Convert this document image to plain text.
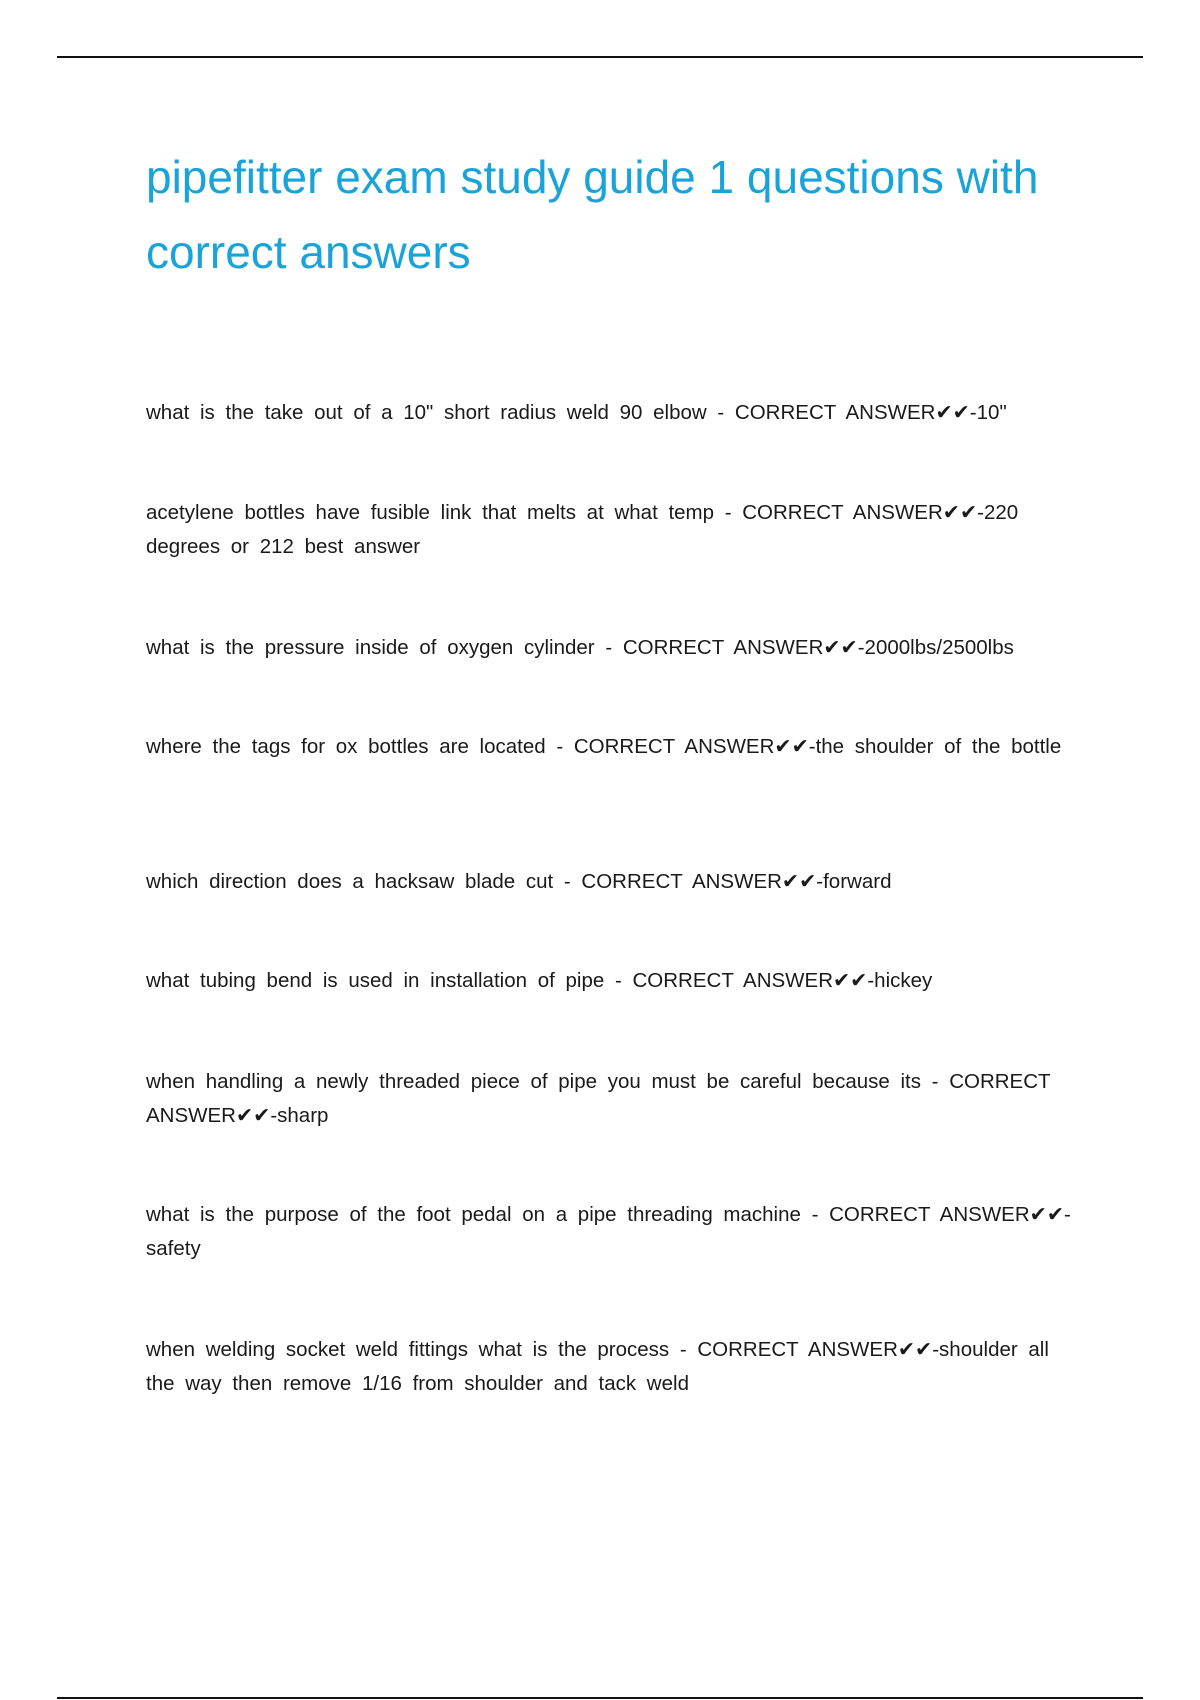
pipefitter exam study guide 1 questions with correct answers

what is the take out of a 10" short radius weld 90 elbow - CORRECT ANSWER✔✔-10"

acetylene bottles have fusible link that melts at what temp - CORRECT ANSWER✔✔-220 degrees or 212 best answer

what is the pressure inside of oxygen cylinder - CORRECT ANSWER✔✔-2000lbs/2500lbs

where the tags for ox bottles are located - CORRECT ANSWER✔✔-the shoulder of the bottle

which direction does a hacksaw blade cut - CORRECT ANSWER✔✔-forward

what tubing bend is used in installation of pipe - CORRECT ANSWER✔✔-hickey

when handling a newly threaded piece of pipe you must be careful because its - CORRECT ANSWER✔✔-sharp

what is the purpose of the foot pedal on a pipe threading machine - CORRECT ANSWER✔✔-safety

when welding socket weld fittings what is the process - CORRECT ANSWER✔✔-shoulder all the way then remove 1/16 from shoulder and tack weld
